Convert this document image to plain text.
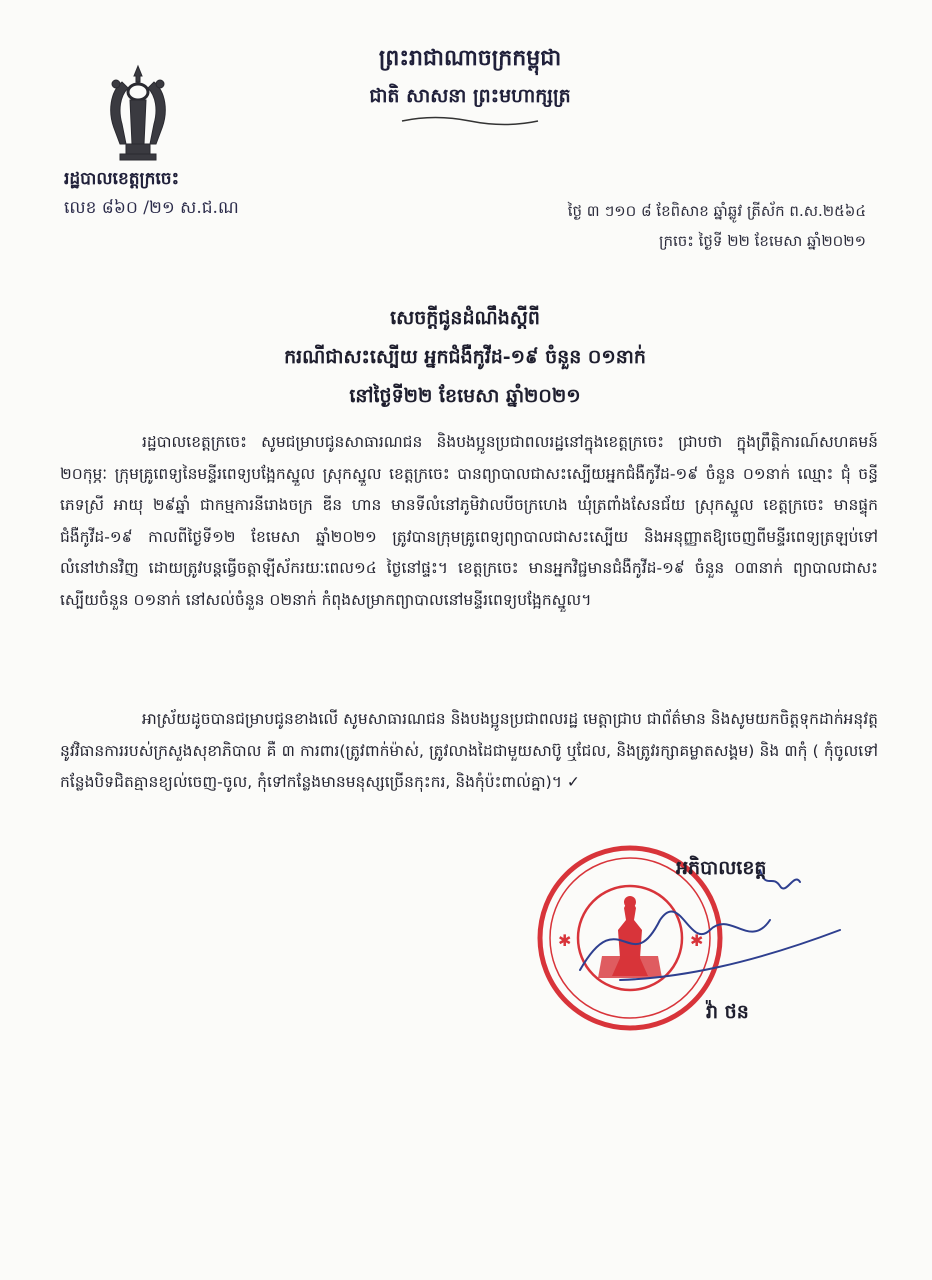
ព្រះរាជាណាចក្រកម្ពុជា
ជាតិ សាសនា ព្រះមហាក្សត្រ
រដ្ឋបាលខេត្តក្រចេះ
លេខ ៨៦០ /២១ ស.ជ.ណ	ថ្ងៃ ៣ ៗ១០ ៨ ខែពិសាខ ឆ្នាំឆ្លូវ ត្រីស័ក ព.ស.២៥៦៤
ក្រចេះ ថ្ងៃទី ២២ ខែមេសា ឆ្នាំ២០២១
សេចក្តីជូនដំណឹងស្តីពី
ករណីជាសះស្បើយ អ្នកជំងឺកូវីដ-១៩ ចំនួន ០១នាក់
នៅថ្ងៃទី២២ ខែមេសា ឆ្នាំ២០២១
រដ្ឋបាលខេត្តក្រចេះ សូមជម្រាបជូនសាធារណជន និងបងប្អូនប្រជាពលរដ្ឋនៅក្នុងខេត្តក្រចេះ ជ្រាបថា ក្នុងព្រឹត្តិការណ៍សហគមន៍ ២០កុម្ភៈ ក្រុមគ្រូពេទ្យនៃមន្ទីរពេទ្យបង្អែកស្នួល ស្រុកស្នួល ខេត្តក្រចេះ បានព្យាបាលជាសះស្បើយអ្នកជំងឺកូវីដ-១៩ ចំនួន ០១នាក់ ឈ្មោះ ជុំ ចន្ធី ភេទស្រី អាយុ ២៩ឆ្នាំ ជាកម្មការនីរោងចក្រ ឌីន ហាន មានទីលំនៅភូមិវាលបីចក្រហេង ឃុំត្រពាំងសែនជ័យ ស្រុកស្នួល ខេត្តក្រចេះ មានផ្ទុកជំងឺកូវីដ-១៩ កាលពីថ្ងៃទី១២ ខែមេសា ឆ្នាំ២០២១ ត្រូវបានក្រុមគ្រូពេទ្យព្យាបាលជាសះស្បើយ និងអនុញ្ញាតឱ្យចេញពីមន្ទីរពេទ្យត្រឡប់ទៅលំនៅឋានវិញ ដោយត្រូវបន្តធ្វើចត្តាឡីស័ករយៈពេល១៤ ថ្ងៃនៅផ្ទះ។ ខេត្តក្រចេះ មានអ្នកវិជ្ជមានជំងឺកូវីដ-១៩ ចំនួន ០៣នាក់ ព្យាបាលជាសះស្បើយចំនួន ០១នាក់ នៅសល់ចំនួន ០២នាក់ កំពុងសម្រាកព្យាបាលនៅមន្ទីរពេទ្យបង្អែកស្នួល។
អាស្រ័យដូចបានជម្រាបជូនខាងលើ សូមសាធារណជន និងបងប្អូនប្រជាពលរដ្ឋ មេត្តាជ្រាប ជាព័ត៌មាន និងសូមយកចិត្តទុកដាក់អនុវត្តនូវវិធានការរបស់ក្រសួងសុខាភិបាល គឺ ៣ ការពារ(ត្រូវពាក់ម៉ាស់, ត្រូវលាងដៃជាមួយសាប៊ូ ឬជែល, និងត្រូវរក្សាគម្លាតសង្គម) និង ៣កុំ ( កុំចូលទៅកន្លែងបិទជិតគ្មានខ្យល់ចេញ-ចូល, កុំទៅកន្លែងមានមនុស្សច្រើនកុះករ, និងកុំប៉ះពាល់គ្នា)។ ✓
✱	✱
អភិបាលខេត្ត
វ៉ា ថន
